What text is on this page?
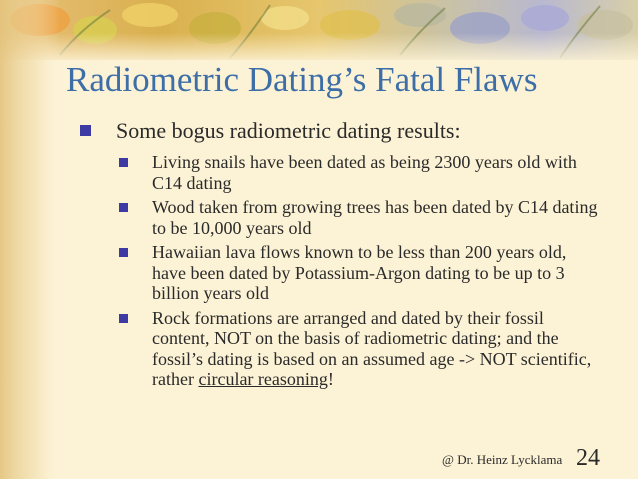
Radiometric Dating’s Fatal Flaws
Some bogus radiometric dating results:
Living snails have been dated as being 2300 years old with C14 dating
Wood taken from growing trees has been dated by C14 dating to be 10,000 years old
Hawaiian lava flows known to be less than 200 years old, have been dated by Potassium-Argon dating to be up to 3 billion years old
Rock formations are arranged and dated by their fossil content, NOT on the basis of radiometric dating; and the fossil’s dating is based on an assumed age -> NOT scientific, rather circular reasoning!
@ Dr. Heinz Lycklama 24
